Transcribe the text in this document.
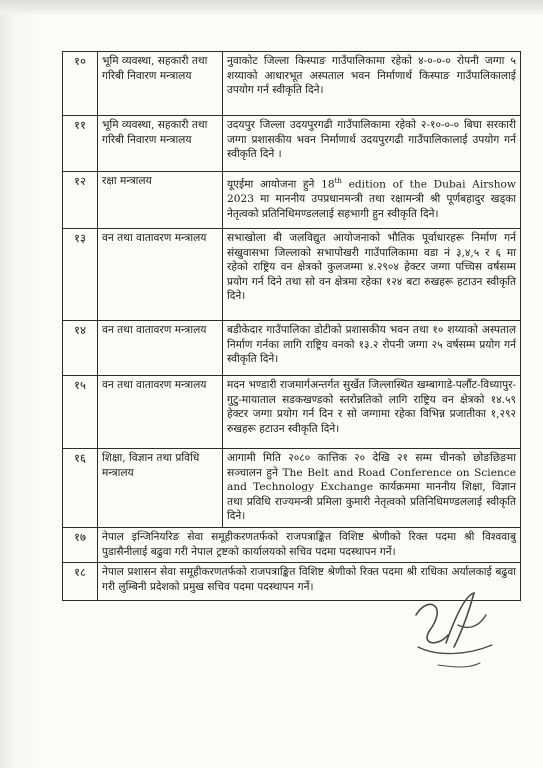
१०	भूमि व्यवस्था, सहकारी तथा गरिबी निवारण मन्त्रालय	नुवाकोट जिल्ला किस्पाङ गाउँपालिकामा रहेको ४-०-०-० रोपनी जग्गा ५ शय्याको आधारभूत अस्पताल भवन निर्माणार्थ किस्पाङ गाउँपालिकालाई उपयोग गर्न स्वीकृति दिने।
११	भूमि व्यवस्था, सहकारी तथा गरिबी निवारण मन्त्रालय	उदयपुर जिल्ला उदयपुरगढी गाउँपालिकामा रहेको २-१०-०-० बिघा सरकारी जग्गा प्रशासकीय भवन निर्माणार्थ उदयपुरगढी गाउँपालिकालाई उपयोग गर्न स्वीकृति दिने ।
१२	रक्षा मन्त्रालय	यूएईमा आयोजना हुने 18th edition of the Dubai Airshow 2023 मा माननीय उपप्रधानमन्त्री तथा रक्षामन्त्री श्री पूर्णबहादुर खड्का नेतृत्वको प्रतिनिधिमण्डललाई सहभागी हुन स्वीकृति दिने।
१३	वन तथा वातावरण मन्त्रालय	सभाखोला बी जलविद्युत आयोजनाको भौतिक पूर्वाधारहरू निर्माण गर्न संखुवासभा जिल्लाको सभापोखरी गाउँपालिकामा वडा नं ३,४,५ र ६ मा रहेको राष्ट्रिय वन क्षेत्रको कुलजम्मा ४.२९०४ हेक्टर जग्गा पच्चिस वर्षसम्म प्रयोग गर्न दिने तथा सो वन क्षेत्रमा रहेका १२४ बटा रुखहरू हटाउन स्वीकृति दिने।
१४	वन तथा वातावरण मन्त्रालय	बडीकेदार गाउँपालिका डोटीको प्रशासकीय भवन तथा १० शय्याको अस्पताल निर्माण गर्नका लागि राष्ट्रिय वनको १३.२ रोपनी जग्गा २५ वर्षसम्म प्रयोग गर्न स्वीकृति दिने।
१५	वन तथा वातावरण मन्त्रालय	मदन भण्डारी राजमार्गअन्तर्गत सुर्खेत जिल्लास्थित खम्बागाडे-पर्लौट-विध्यापुर-गुटु-मायाताल सडकखण्डको स्तरोन्नतिको लागि राष्ट्रिय वन क्षेत्रको १४.५९ हेक्टर जग्गा प्रयोग गर्न दिन र सो जग्गामा रहेका विभिन्न प्रजातीका १,२९२ रुखहरू हटाउन स्वीकृति दिने।
१६	शिक्षा, विज्ञान तथा प्रविधि मन्त्रालय	आगामी मिति २०८० कात्तिक २० देखि २१ सम्म चीनको छोङछिङमा सञ्चालन हुने The Belt and Road Conference on Science and Technology Exchange कार्यक्रममा माननीय शिक्षा, विज्ञान तथा प्रविधि राज्यमन्त्री प्रमिला कुमारी नेतृत्वको प्रतिनिधिमण्डललाई स्वीकृति दिने।
१७	नेपाल इन्जिनियरिङ सेवा समूहीकरणतर्फको राजपत्राङ्कित विशिष्ट श्रेणीको रिक्त पदमा श्री विश्ववाबु पुडासैनीलाई बढुवा गरी नेपाल ट्रष्टको कार्यालयको सचिव पदमा पदस्थापन गर्ने।	
१८	नेपाल प्रशासन सेवा समूहीकरणतर्फको राजपत्राङ्कित विशिष्ट श्रेणीको रिक्त पदमा श्री राधिका अर्यालकाई बढुवा गरी लुम्बिनी प्रदेशको प्रमुख सचिव पदमा पदस्थापन गर्ने।	
